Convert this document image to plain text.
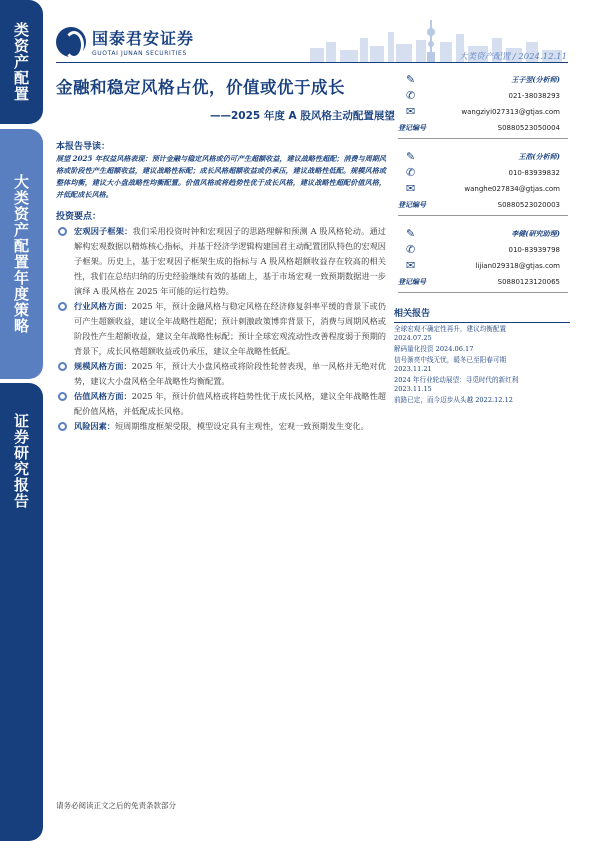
类资产配置
大类资产配置年度策略
证券研究报告
国泰君安证券
GUOTAI JUNAN SECURITIES	大类资产配置 / 2024.12.11
金融和稳定风格占优，价值或优于成长
——2025 年度 A 股风格主动配置展望
本报告导读：
展望 2025 年权益风格表现：预计金融与稳定风格或仍可产生超额收益，建议战略性超配；消费与周期风格或阶段性产生超额收益，建议战略性标配；成长风格超额收益或仍承压，建议战略性低配。规模风格或整体均衡，建议大小盘战略性均衡配置。价值风格或将趋势性优于成长风格，建议战略性超配价值风格，并低配成长风格。
投资要点：
宏观因子框架：我们采用投资时钟和宏观因子的思路理解和预测 A 股风格轮动。通过解构宏观数据以精炼核心指标，并基于经济学逻辑构建国君主动配置团队特色的宏观因子框架。历史上，基于宏观因子框架生成的指标与 A 股风格超额收益存在较高的相关性，我们在总结归纳的历史经验继续有效的基础上，基于市场宏观一致预期数据进一步演绎 A 股风格在 2025 年可能的运行趋势。
行业风格方面：2025 年，预计金融风格与稳定风格在经济修复斜率平缓的背景下或仍可产生超额收益，建议全年战略性超配；预计刺激政策博弈背景下，消费与周期风格或阶段性产生超额收益，建议全年战略性标配；预计全球宏观流动性改善程度弱于预期的背景下，成长风格超额收益或仍承压，建议全年战略性低配。
规模风格方面：2025 年，预计大小盘风格或将阶段性轮替表现，单一风格并无绝对优势，建议大小盘风格全年战略性均衡配置。
估值风格方面：2025 年，预计价值风格或将趋势性优于成长风格，建议全年战略性超配价值风格，并低配成长风格。
风险因素：短周期维度框架受限，模型设定具有主观性，宏观一致预期发生变化。
✎	王子翌(分析师)
✆	021-38038293
✉	wangziyi027313@gtjas.com
登记编号	S0880523050004
✎	王浩(分析师)
✆	010-83939832
✉	wanghe027834@gtjas.com
登记编号	S0880523020003
✎	李健(研究助理)
✆	010-83939798
✉	lijian029318@gtjas.com
登记编号	S0880123120065
相关报告
全球宏观不确定性再升，建议均衡配置
2024.07.25
解码量化投资 2024.06.17
信号渐亮中线无忧，暖冬已至阳春可期
2023.11.21
2024 年行业轮动展望：寻觅时代的新红利
2023.11.15
前路已定，而今迈步从头越 2022.12.12
请务必阅读正文之后的免责条款部分
